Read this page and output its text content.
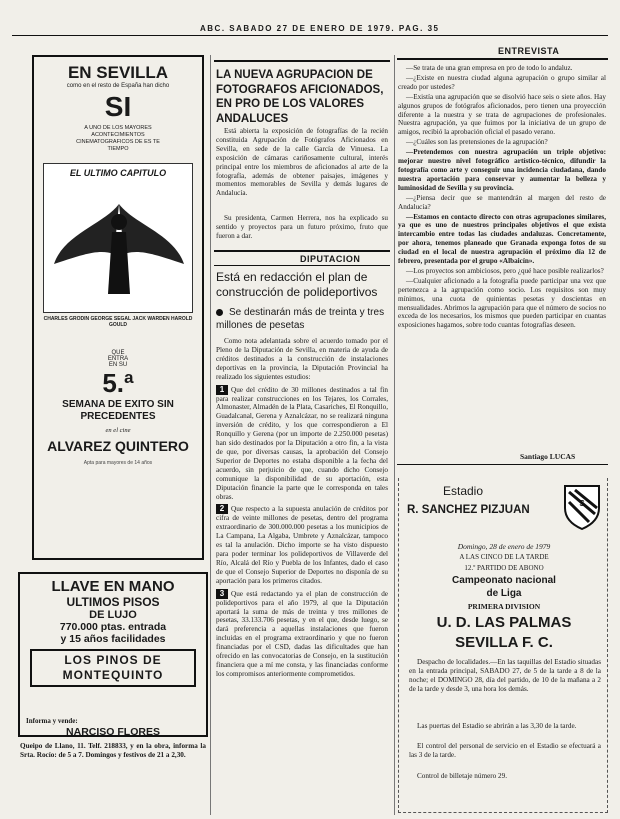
ABC. SABADO 27 DE ENERO DE 1979. PAG. 35
EN SEVILLA
como en el resto de España han dicho
SI
A UNO DE LOS MAYORES ACONTECIMIENTOS CINEMATOGRAFICOS DE ES TE TIEMPO
EL ULTIMO CAPITULO
CHARLES GRODIN GEORGE SEGAL JACK WARDEN HAROLD GOULD
QUE ENTRA EN SU
5.ª
SEMANA DE EXITO SIN PRECEDENTES
en el cine
ALVAREZ QUINTERO
Apta para mayores de 14 años
LLAVE EN MANO
ULTIMOS PISOS
DE LUJO
770.000 ptas. entrada
y 15 años facilidades
LOS PINOS DE MONTEQUINTO
Informa y vende:
NARCISO FLORES
Queipo de Llano, 11. Telf. 218833, y en la obra, informa la Srta. Rocío: de 5 a 7. Domingos y festivos de 21 a 2,30.
LA NUEVA AGRUPACION DE FOTOGRAFOS AFICIONADOS, EN PRO DE LOS VALORES ANDALUCES

Está abierta la exposición de fotografías de la recién constituida Agrupación de Fotógrafos Aficionados en Sevilla, en sede de la calle García de Vinuesa. La exposición de cámaras cariñosamente cultural, interés principal entre los miembros de aficionados al arte de la fotografía, además de obtener paisajes, imágenes y momentos memorables de Sevilla y demás lugares de Andalucía.

Su presidenta, Carmen Herrera, nos ha explicado su sentido y proyectos para un futuro próximo, fruto que fueron a dar.

DIPUTACION
Está en redacción el plan de construcción de polideportivos
Se destinarán más de treinta y tres millones de pesetas

Como nota adelantada sobre el acuerdo tomado por el Pleno de la Diputación de Sevilla, en materia de ayuda de créditos destinados a la construcción de instalaciones deportivas en la provincia, la Diputación Provincial ha realizado los siguientes estudios:

1 Que del crédito de 30 millones destinados a tal fin para realizar construcciones en los Tejares, los Corrales, Almonaster, Almadén de la Plata, Casariches, El Ronquillo, Guadalcanal, Gerena y Aznalcázar, no se realizará ninguna inversión de crédito, y los que correspondieron a El Ronquillo y Gerena (por un importe de 2.250.000 pesetas) han sido destinados por la Diputación a otro fin, a la vista de que, por diversas causas, la aprobación del Consejo Superior de Deportes no estaba disponible a la fecha del acuerdo, sin perjuicio de que, cuando dicho Consejo comunique la disponibilidad de su aportación, esta Diputación financie la parte que le corresponda en tales obras.

2 Que respecto a la supuesta anulación de créditos por cifra de veinte millones de pesetas, dentro del programa extraordinario de 300.000.000 pesetas a los municipios de La Campana, La Algaba, Umbrete y Aznalcázar, tampoco es tal la anulación. Dicho importe se ha visto dispuesto para poder terminar los polideportivos de Villaverde del Río, Alcalá del Río y Puebla de los Infantes, dado el caso de que el Consejo Superior de Deportes no disponía de su aportación para los primeros citados.

3 Que está redactando ya el plan de construcción de polideportivos para el año 1979, al que la Diputación aportará la suma de más de treinta y tres millones de pesetas, 33.133.706 pesetas, y en el que, desde luego, se dará preferencia a aquellas instalaciones que fueron incluidas en el programa extraordinario y que no fueron financiadas por el CSD, dadas las dificultades que han ofrecido en las convocatorias de Consejo, en la sustitución financiera que a mí me consta, y las financiadas conforme los compromisos anteriormente comprometidos.

ENTREVISTA

—Se trata de una gran empresa en pro de todo lo andaluz.

—¿Existe en nuestra ciudad alguna agrupación o grupo similar al creado por ustedes?

—Existía una agrupación que se disolvió hace seis o siete años. Hay algunos grupos de fotógrafos aficionados, pero tienen una proyección diferente a la nuestra y se trata de agrupaciones de profesionales. Nuestra agrupación, ya que fuimos por la iniciativa de un grupo de amigos, recibió la aprobación oficial el pasado verano.

—¿Cuáles son las pretensiones de la agrupación?

—Pretendemos con nuestra agrupación un triple objetivo: mejorar nuestro nivel fotográfico artístico-técnico, difundir la fotografía como arte y conseguir una incidencia ciudadana, dando nuestra aportación para conservar y aumentar la belleza y luminosidad de Sevilla y su provincia.

—¿Piensa decir que se mantendrán al margen del resto de Andalucía?

—Estamos en contacto directo con otras agrupaciones similares, ya que es uno de nuestros principales objetivos el que exista intercambio entre todas las ciudades andaluzas. Concretamente, por ahora, tenemos planeado que Granada exponga fotos de su ciudad en el local de nuestra agrupación el próximo día 12 de febrero, presentada por el grupo «Albaicín».

—Los proyectos son ambiciosos, pero ¿qué hace posible realizarlos?

—Cualquier aficionado a la fotografía puede participar una vez que pertenezca a la agrupación como socio. Los requisitos son muy mínimos, una cuota de quinientas pesetas y doscientas en mensualidades. Abrimos la agrupación para que el número de socios no exceda de los necesarios, los mismos que pueden participar en cuantas exposiciones hagamos, sobre todo cuantas fotografías deseen.

Santiago LUCAS
Estadio
R. SANCHEZ PIZJUAN
S
Domingo, 28 de enero de 1979
A LAS CINCO DE LA TARDE
12.º PARTIDO DE ABONO
Campeonato nacional
de Liga
PRIMERA DIVISION
U. D. LAS PALMAS
SEVILLA F. C.

Despacho de localidades.—En las taquillas del Estadio situadas en la entrada principal, SABADO 27, de 5 de la tarde a 8 de la noche; el DOMINGO 28, día del partido, de 10 de la mañana a 2 de la tarde y desde 3, una hora los demás.

Las puertas del Estadio se abrirán a las 3,30 de la tarde.

El control del personal de servicio en el Estadio se efectuará a las 3 de la tarde.

Control de billetaje número 29.
